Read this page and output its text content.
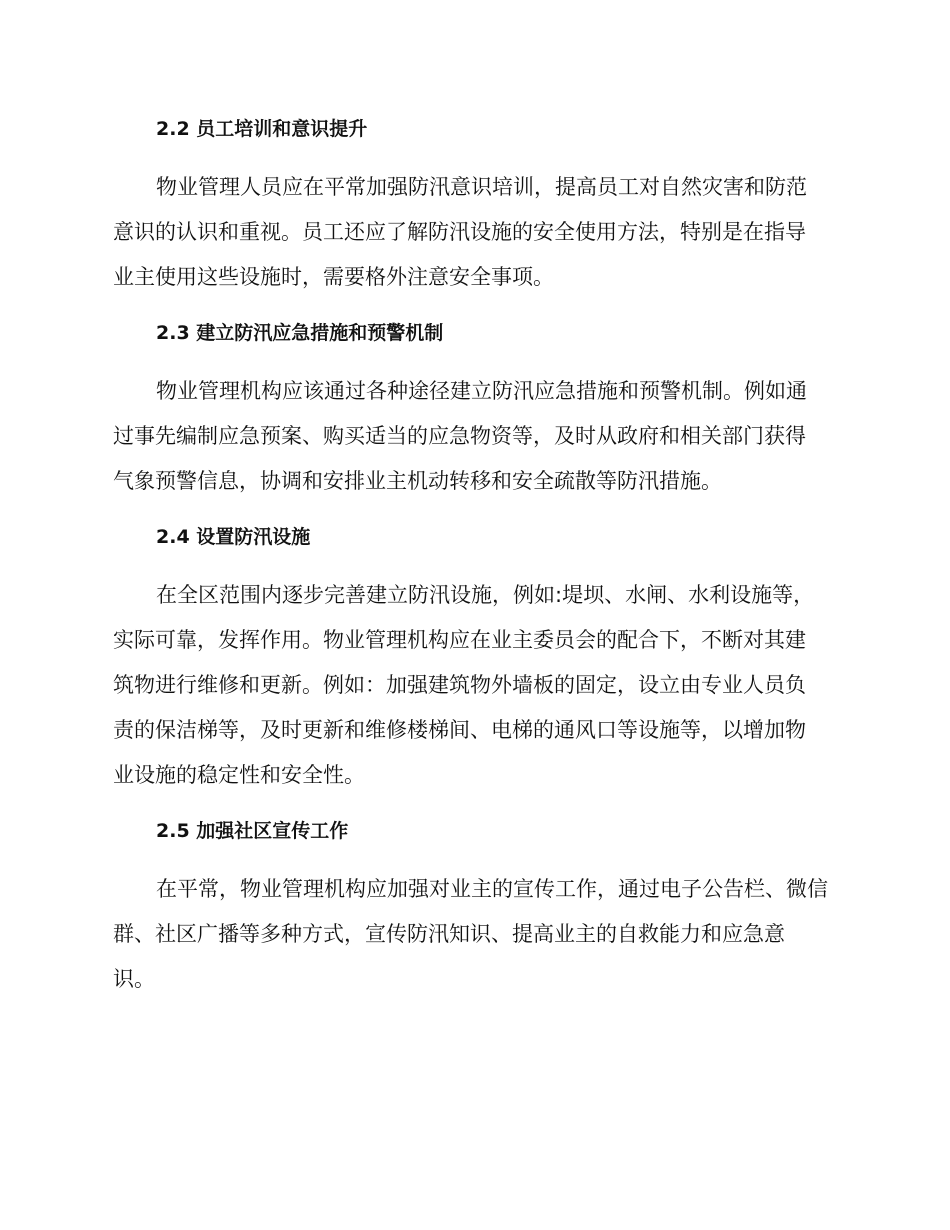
2.2 员工培训和意识提升
物业管理人员应在平常加强防汛意识培训，提高员工对自然灾害和防范
意识的认识和重视。员工还应了解防汛设施的安全使用方法，特别是在指导
业主使用这些设施时，需要格外注意安全事项。
2.3 建立防汛应急措施和预警机制
物业管理机构应该通过各种途径建立防汛应急措施和预警机制。例如通
过事先编制应急预案、购买适当的应急物资等，及时从政府和相关部门获得
气象预警信息，协调和安排业主机动转移和安全疏散等防汛措施。
2.4 设置防汛设施
在全区范围内逐步完善建立防汛设施，例如:堤坝、水闸、水利设施等，
实际可靠，发挥作用。物业管理机构应在业主委员会的配合下，不断对其建
筑物进行维修和更新。例如：加强建筑物外墙板的固定，设立由专业人员负
责的保洁梯等，及时更新和维修楼梯间、电梯的通风口等设施等，以增加物
业设施的稳定性和安全性。
2.5 加强社区宣传工作
在平常，物业管理机构应加强对业主的宣传工作，通过电子公告栏、微信
群、社区广播等多种方式，宣传防汛知识、提高业主的自救能力和应急意
识。
